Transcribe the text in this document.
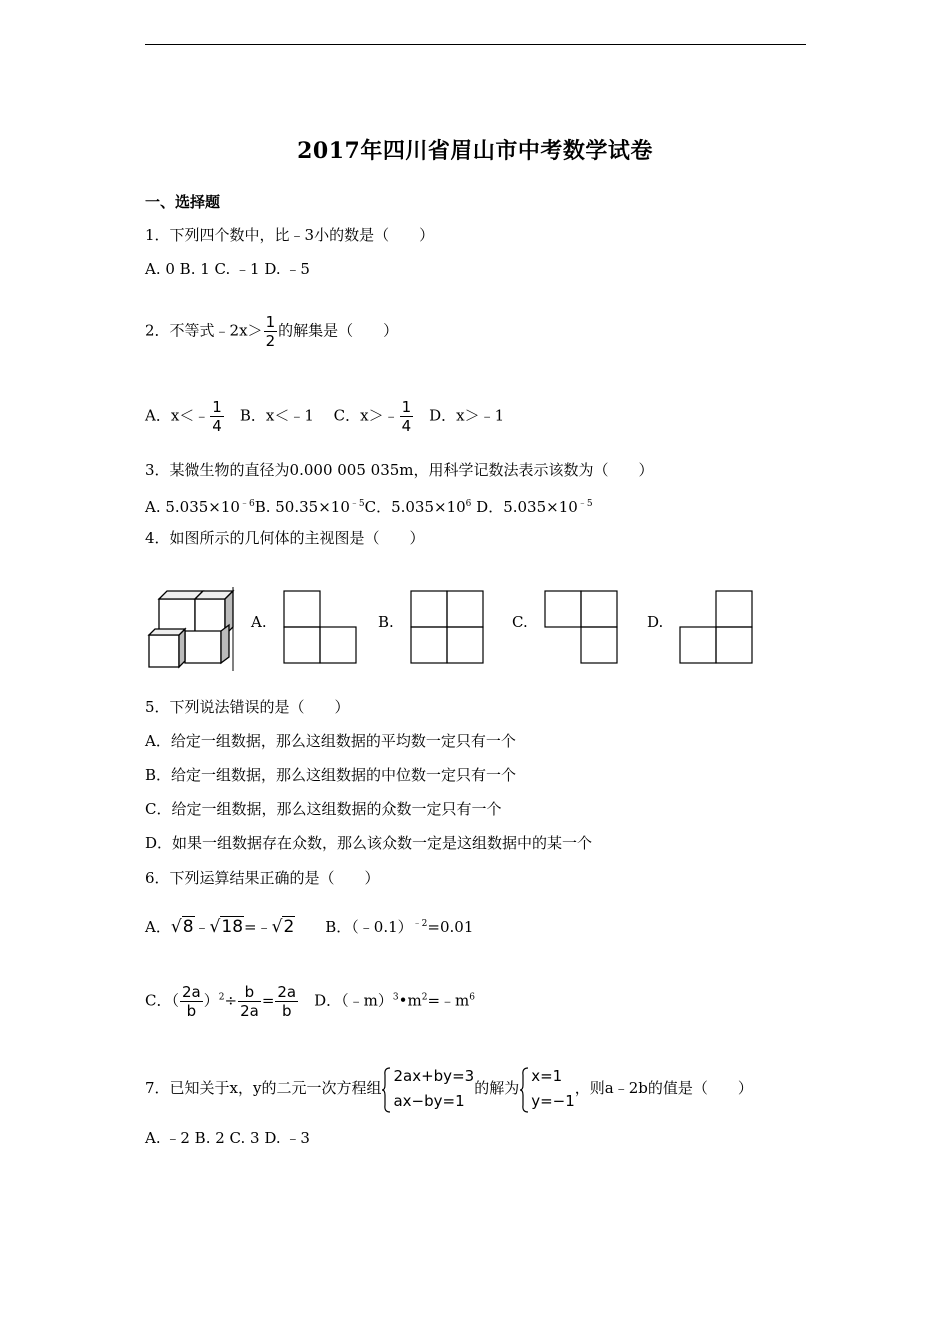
2017年四川省眉山市中考数学试卷
一、选择题
1．下列四个数中，比﹣3小的数是（　　）
A. 0 B. 1 C. ﹣1 D. ﹣5
2．不等式﹣2x＞ $\frac{1}{2}$ 的解集是（　　）
A．x＜﹣ $\frac{1}{4}$ 　B．x＜﹣1　 C．x＞﹣ $\frac{1}{4}$ 　D．x＞﹣1
3．某微生物的直径为0.000 005 035m，用科学记数法表示该数为（　　）
A. $5.035\times 10^{﹣6}B$. $50.35\times 10^{﹣5}C$．$5.035\times 10^6$ D．$5.035\times 10^{﹣5}$
4．如图所示的几何体的主视图是（　　）
A.	B.	C.	D.
5．下列说法错误的是（　　）
A．给定一组数据，那么这组数据的平均数一定只有一个
B．给定一组数据，那么这组数据的中位数一定只有一个
C．给定一组数据，那么这组数据的众数一定只有一个
D．如果一组数据存在众数，那么该众数一定是这组数据中的某一个
6．下列运算结果正确的是（　　）
A．√8﹣√18=﹣√2 B．（﹣0.1）$^{﹣2}$=0.01
C．（ $\frac{2a}{b} )^2\div \frac{b}{2a} = \frac{2a}{b}$ 　D．$(﹣m)^3•m^2=﹣m^6$
7．已知关于x，y的二元一次方程组
2ax+by=3
ax−by=1
的解为
x=1
y=−1
，则a﹣2b的值是（　　）
A. ﹣2 B. 2 C. 3 D. ﹣3
